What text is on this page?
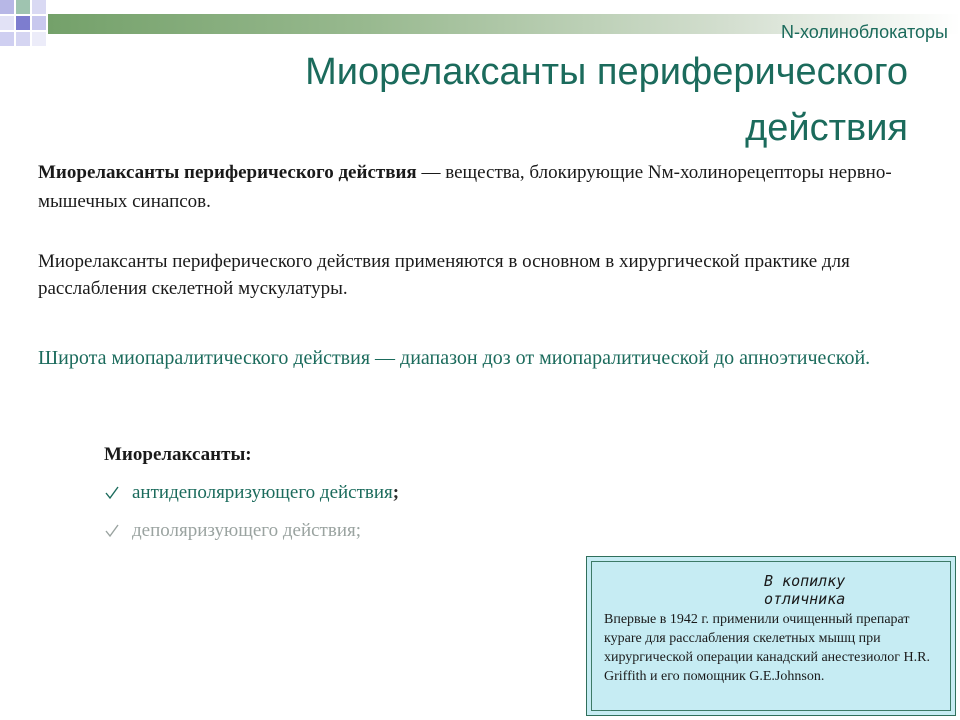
N-холиноблокаторы
Миорелаксанты периферического действия
Миорелаксанты периферического действия — вещества, блокирующие Nм-холинорецепторы нервно-мышечных синапсов.
Миорелаксанты периферического действия применяются в основном в хирургической практике для расслабления скелетной мускулатуры.
Широта миопаралитического действия — диапазон доз от миопаралитической до апноэтической.
Миорелаксанты:
антидеполяризующего действия ;
деполяризующего действия;
В копилку отличника
Впервые в 1942 г. применили очищенный препарат курare для расслабления скелетных мышц при хирургической операции канадский анестезиолог H.R. Griffith и его помощник G.E.Johnson.
